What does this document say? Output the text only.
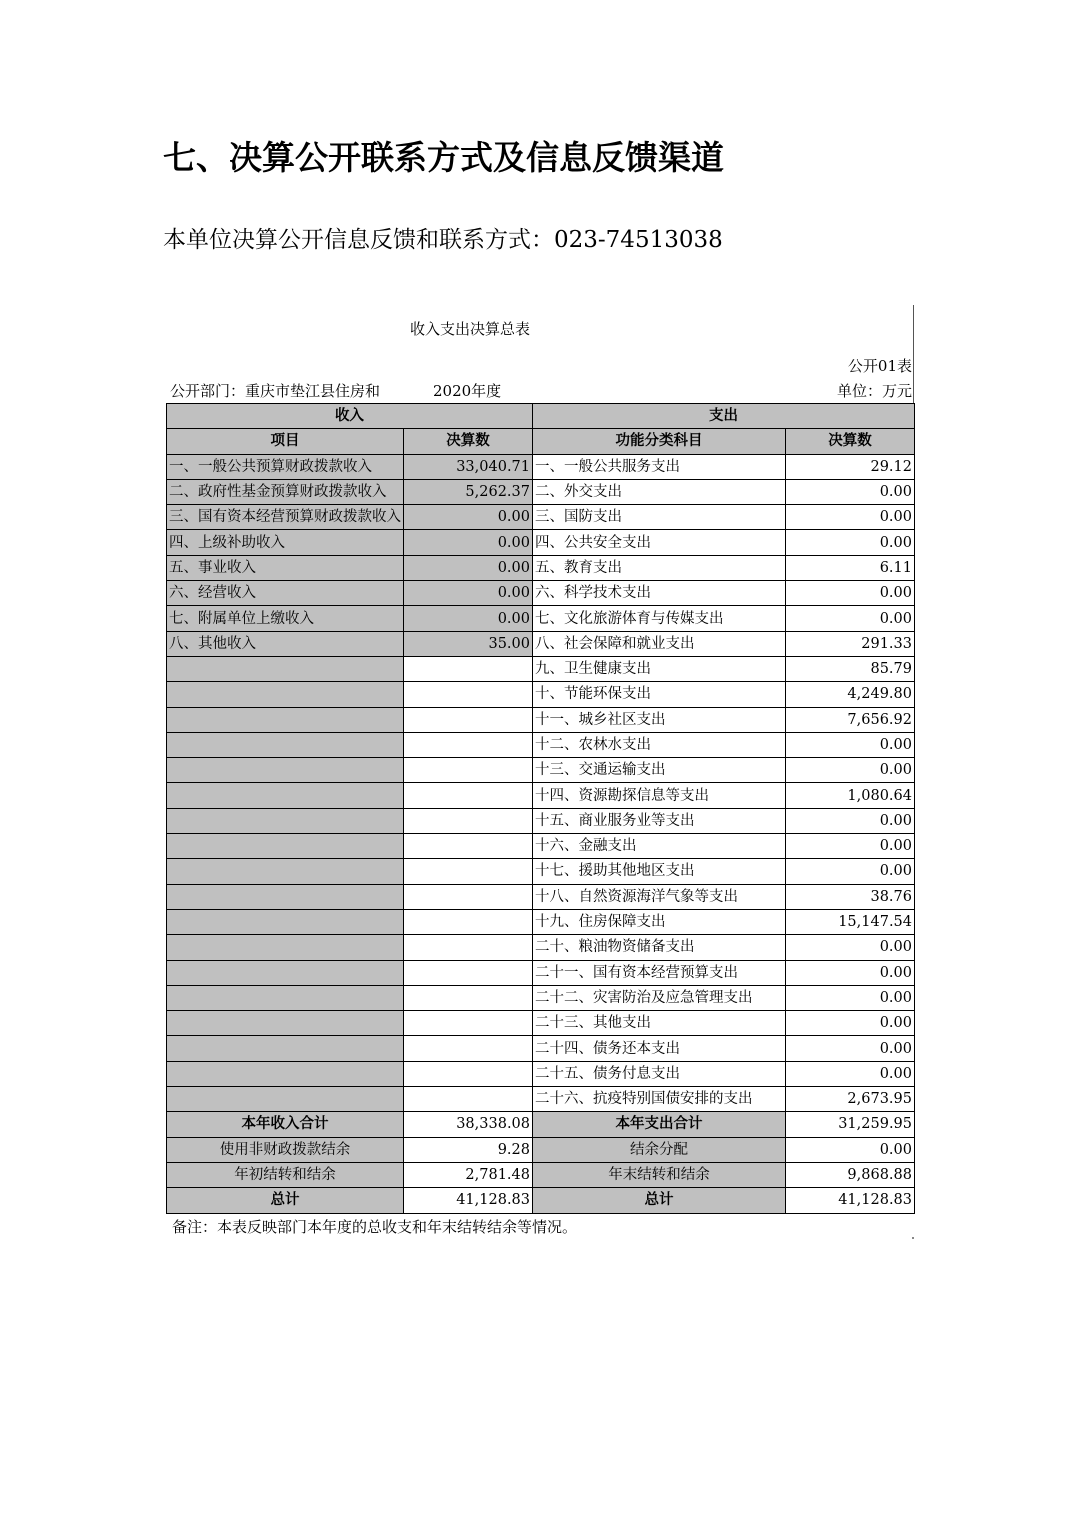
七、决算公开联系方式及信息反馈渠道
本单位决算公开信息反馈和联系方式：023-74513038
收入支出决算总表
公开01表
公开部门：重庆市垫江县住房和	2020年度	单位：万元
收入		支出	
项目	决算数	功能分类科目	决算数
一、一般公共预算财政拨款收入	33,040.71	一、一般公共服务支出	29.12
二、政府性基金预算财政拨款收入	5,262.37	二、外交支出	0.00
三、国有资本经营预算财政拨款收入	0.00	三、国防支出	0.00
四、上级补助收入	0.00	四、公共安全支出	0.00
五、事业收入	0.00	五、教育支出	6.11
六、经营收入	0.00	六、科学技术支出	0.00
七、附属单位上缴收入	0.00	七、文化旅游体育与传媒支出	0.00
八、其他收入	35.00	八、社会保障和就业支出	291.33
		九、卫生健康支出	85.79
		十、节能环保支出	4,249.80
		十一、城乡社区支出	7,656.92
		十二、农林水支出	0.00
		十三、交通运输支出	0.00
		十四、资源勘探信息等支出	1,080.64
		十五、商业服务业等支出	0.00
		十六、金融支出	0.00
		十七、援助其他地区支出	0.00
		十八、自然资源海洋气象等支出	38.76
		十九、住房保障支出	15,147.54
		二十、粮油物资储备支出	0.00
		二十一、国有资本经营预算支出	0.00
		二十二、灾害防治及应急管理支出	0.00
		二十三、其他支出	0.00
		二十四、债务还本支出	0.00
		二十五、债务付息支出	0.00
		二十六、抗疫特别国债安排的支出	2,673.95
本年收入合计	38,338.08	本年支出合计	31,259.95
使用非财政拨款结余	9.28	结余分配	0.00
年初结转和结余	2,781.48	年末结转和结余	9,868.88
总计	41,128.83	总计	41,128.83
备注：本表反映部门本年度的总收支和年末结转结余等情况。
